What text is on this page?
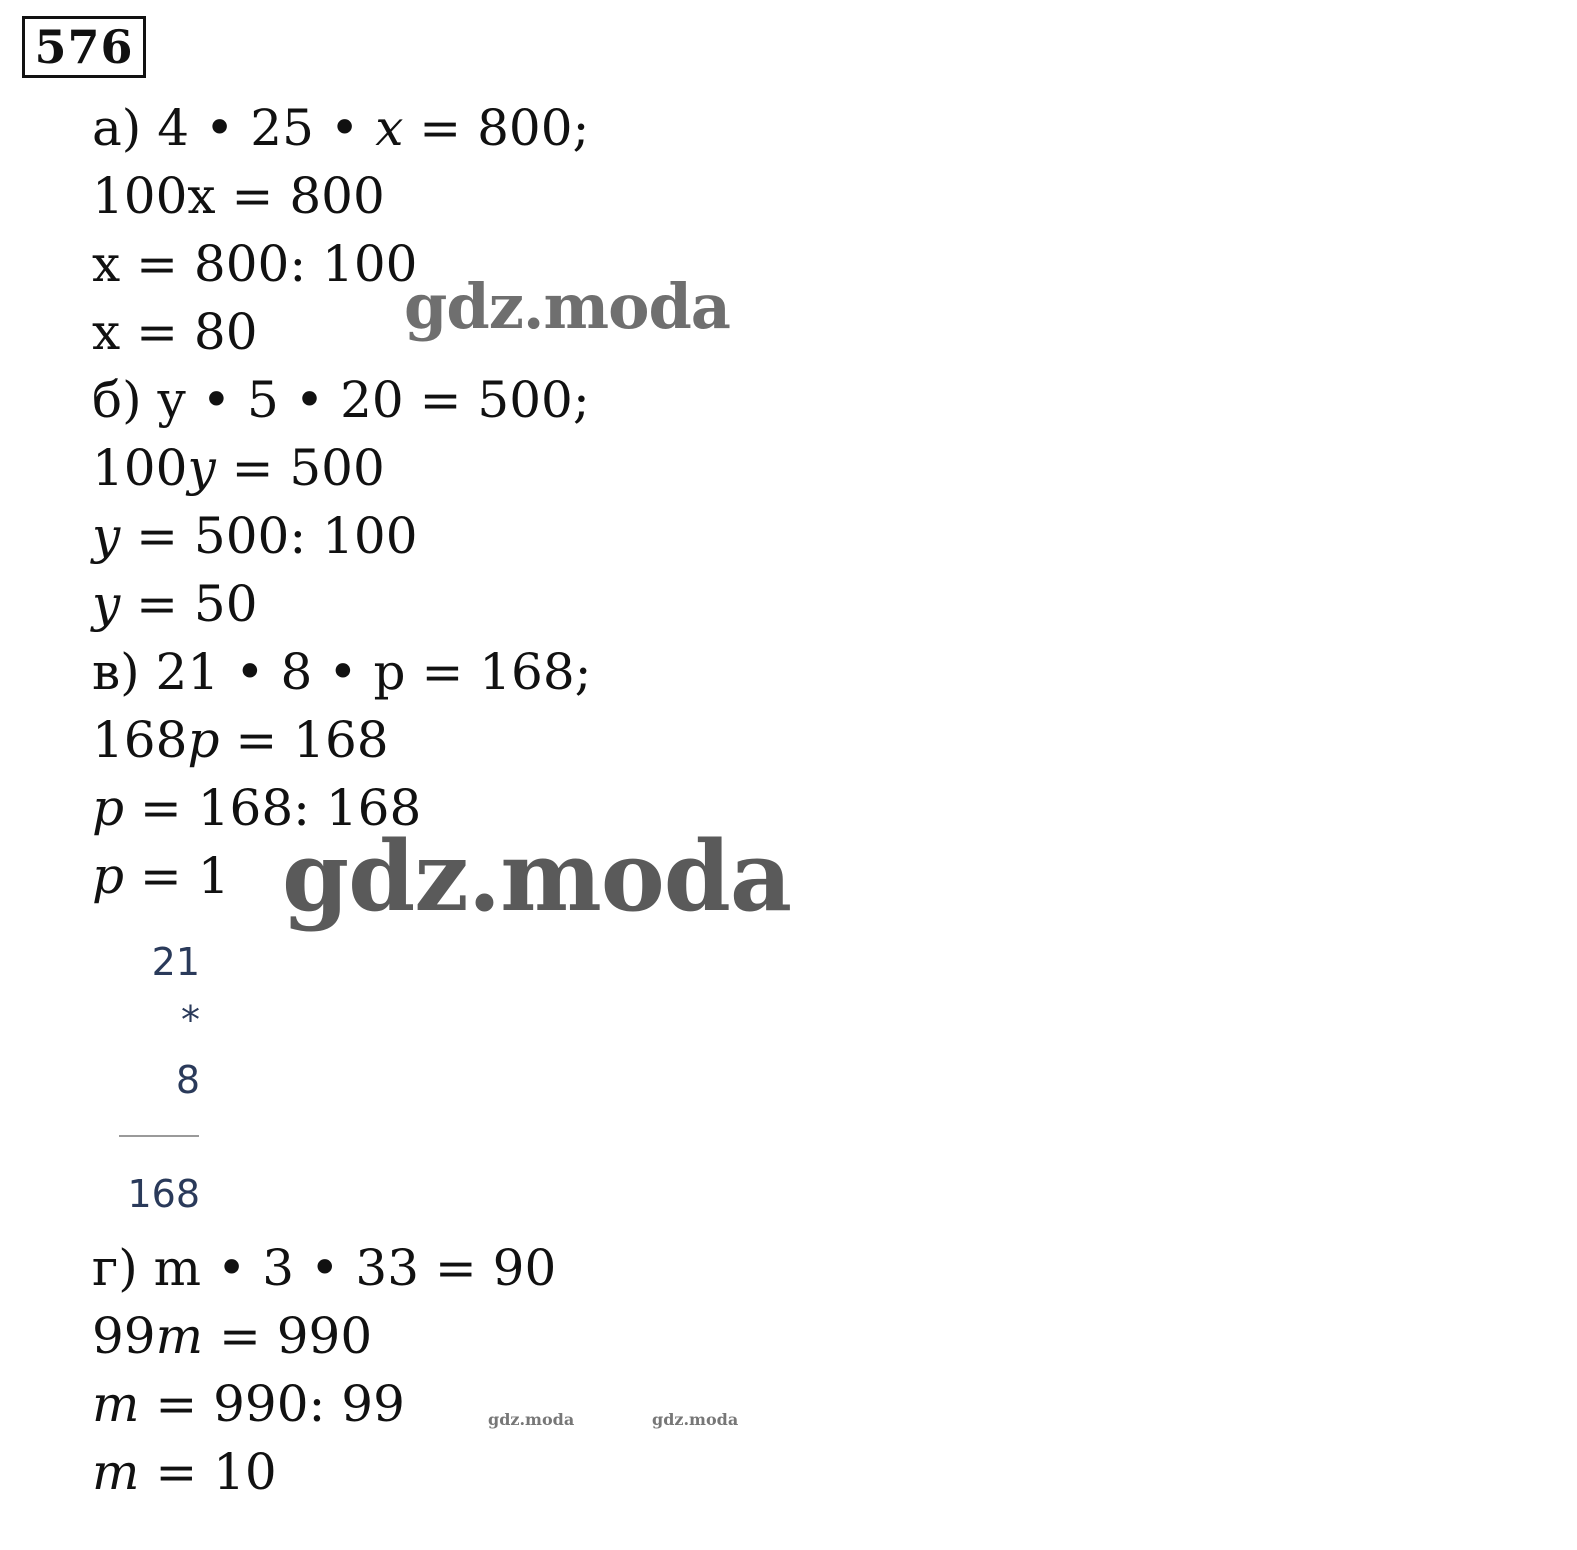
576
а) 4 • 25 • x = 800;
100x = 800
x = 800: 100
x = 80
б) y • 5 • 20 = 500;
100y = 500
y = 500: 100
y = 50
в) 21 • 8 • p = 168;
168p = 168
p = 168: 168
p = 1
21
*
8
168
г) m • 3 • 33 = 90
99m = 990
m = 990: 99
m = 10
gdz.moda
gdz.moda
gdz.moda	gdz.moda
